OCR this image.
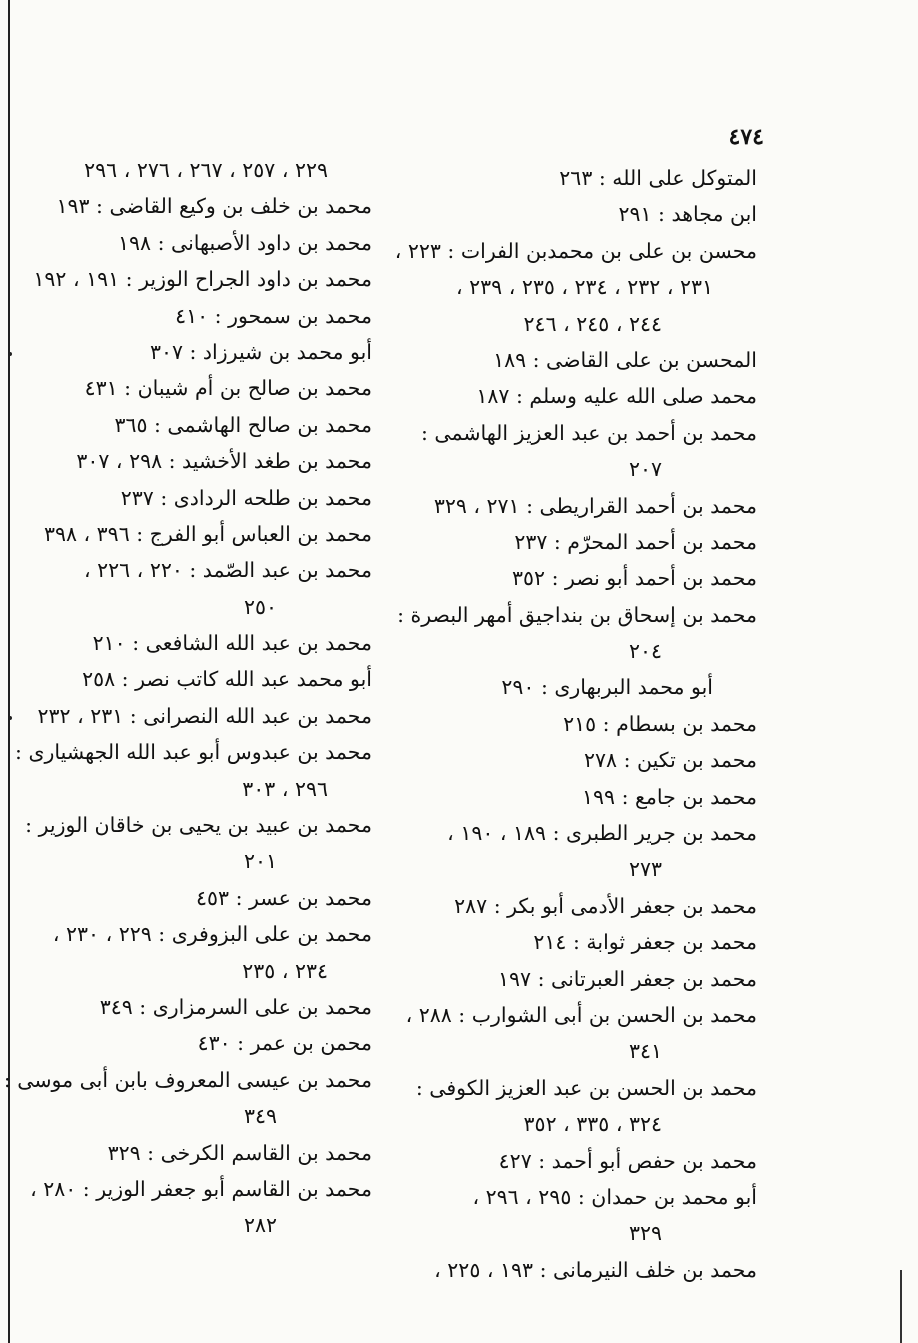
٤٧٤
المتوكل على الله : ٢٦٣
ابن مجاهد : ٢٩١
محسن بن على بن محمدبن الفرات : ٢٢٣ ،
٢٣١ ، ٢٣٢ ، ٢٣٤ ، ٢٣٥ ، ٢٣٩ ،
٢٤٤ ، ٢٤٥ ، ٢٤٦
المحسن بن على القاضى : ١٨٩
محمد صلى الله عليه وسلم : ١٨٧
محمد بن أحمد بن عبد العزيز الهاشمى :
٢٠٧
محمد بن أحمد القراريطى : ٢٧١ ، ٣٢٩
محمد بن أحمد المحرّم : ٢٣٧
محمد بن أحمد أبو نصر : ٣٥٢
محمد بن إسحاق بن بنداجيق أمهر البصرة :
٢٠٤
أبو محمد البربهارى : ٢٩٠
محمد بن بسطام : ٢١٥
محمد بن تكين : ٢٧٨
محمد بن جامع : ١٩٩
محمد بن جرير الطبرى : ١٨٩ ، ١٩٠ ،
٢٧٣
محمد بن جعفر الأدمى أبو بكر : ٢٨٧
محمد بن جعفر ثوابة : ٢١٤
محمد بن جعفر العبرتانى : ١٩٧
محمد بن الحسن بن أبى الشوارب : ٢٨٨ ،
٣٤١
محمد بن الحسن بن عبد العزيز الكوفى :
٣٢٤ ، ٣٣٥ ، ٣٥٢
محمد بن حفص أبو أحمد : ٤٢٧
أبو محمد بن حمدان : ٢٩٥ ، ٢٩٦ ،
٣٢٩
محمد بن خلف النيرمانى : ١٩٣ ، ٢٢٥ ،
٢٢٩ ، ٢٥٧ ، ٢٦٧ ، ٢٧٦ ، ٢٩٦
محمد بن خلف بن وكيع القاضى : ١٩٣
محمد بن داود الأصبهانى : ١٩٨
محمد بن داود الجراح الوزير : ١٩١ ، ١٩٢
محمد بن سمحور : ٤١٠
أبو محمد بن شيرزاد : ٣٠٧
محمد بن صالح بن أم شيبان : ٤٣١
محمد بن صالح الهاشمى : ٣٦٥
محمد بن طغد الأخشيد : ٢٩٨ ، ٣٠٧
محمد بن طلحه الردادى : ٢٣٧
محمد بن العباس أبو الفرج : ٣٩٦ ، ٣٩٨
محمد بن عبد الصّمد : ٢٢٠ ، ٢٢٦ ،
٢٥٠
محمد بن عبد الله الشافعى : ٢١٠
أبو محمد عبد الله كاتب نصر : ٢٥٨
محمد بن عبد الله النصرانى : ٢٣١ ، ٢٣٢
محمد بن عبدوس أبو عبد الله الجهشيارى :
٢٩٦ ، ٣٠٣
محمد بن عبيد بن يحيى بن خاقان الوزير :
٢٠١
محمد بن عسر : ٤٥٣
محمد بن على البزوفرى : ٢٢٩ ، ٢٣٠ ،
٢٣٤ ، ٢٣٥
محمد بن على السرمزارى : ٣٤٩
محمن بن عمر : ٤٣٠
محمد بن عيسى المعروف بابن أبى موسى :
٣٤٩
محمد بن القاسم الكرخى : ٣٢٩
محمد بن القاسم أبو جعفر الوزير : ٢٨٠ ،
٢٨٢
